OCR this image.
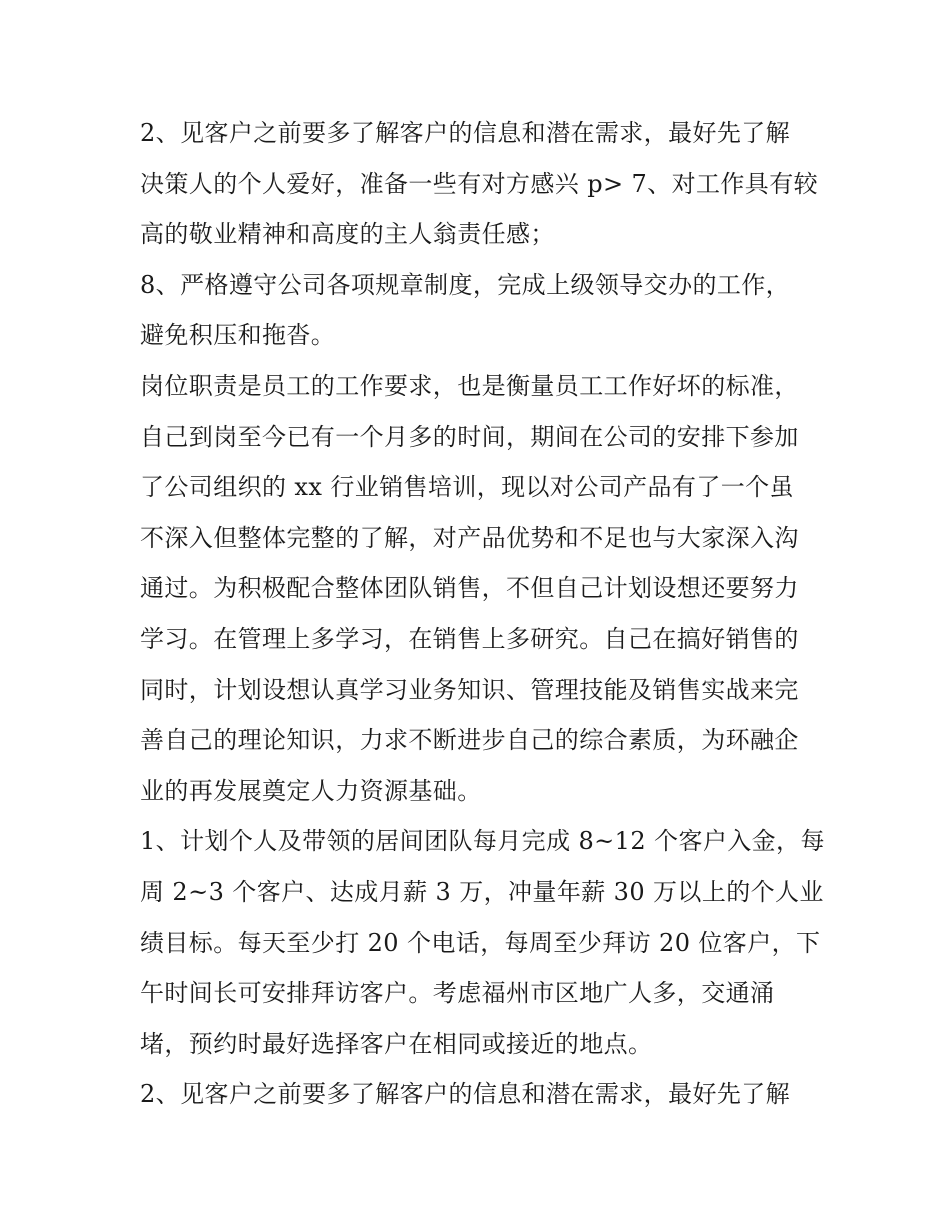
2、见客户之前要多了解客户的信息和潜在需求，最好先了解
决策人的个人爱好，准备一些有对方感兴 p> 7、对工作具有较
高的敬业精神和高度的主人翁责任感；

8、严格遵守公司各项规章制度，完成上级领导交办的工作，
避免积压和拖沓。

岗位职责是员工的工作要求，也是衡量员工工作好坏的标准，
自己到岗至今已有一个月多的时间，期间在公司的安排下参加
了公司组织的 xx 行业销售培训，现以对公司产品有了一个虽
不深入但整体完整的了解，对产品优势和不足也与大家深入沟
通过。为积极配合整体团队销售，不但自己计划设想还要努力
学习。在管理上多学习，在销售上多研究。自己在搞好销售的
同时，计划设想认真学习业务知识、管理技能及销售实战来完
善自己的理论知识，力求不断进步自己的综合素质，为环融企
业的再发展奠定人力资源基础。

1、计划个人及带领的居间团队每月完成 8~12 个客户入金，每
周 2~3 个客户、达成月薪 3 万，冲量年薪 30 万以上的个人业
绩目标。每天至少打 20 个电话，每周至少拜访 20 位客户，下
午时间长可安排拜访客户。考虑福州市区地广人多，交通涌
堵，预约时最好选择客户在相同或接近的地点。

2、见客户之前要多了解客户的信息和潜在需求，最好先了解
